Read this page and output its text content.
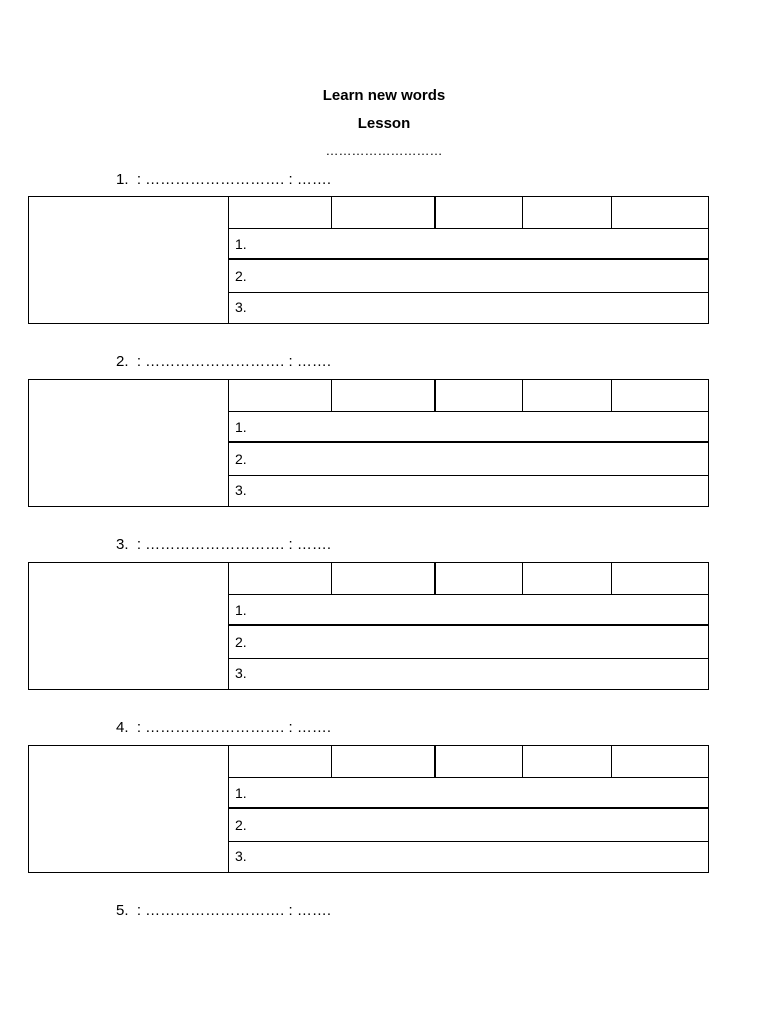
Learn new words
Lesson
………………………
1.  : ………………………. : …….
1.
2.
3.
2.  : ………………………. : …….
1.
2.
3.
3.  : ………………………. : …….
1.
2.
3.
4.  : ………………………. : …….
1.
2.
3.
5.  : ………………………. : …….
